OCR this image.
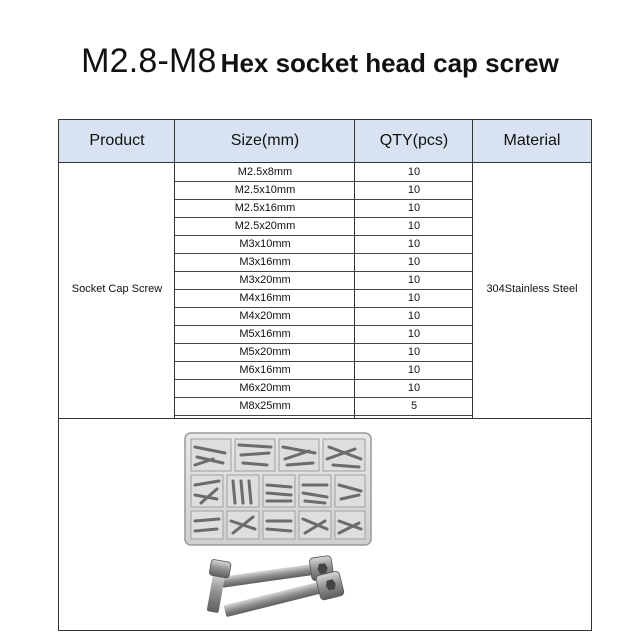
M2.8-M8 Hex socket head cap screw
Product	Size(mm)	QTY(pcs)	Material
Socket Cap Screw	304Stainless Steel
M2.5x8mm	10
M2.5x10mm	10
M2.5x16mm	10
M2.5x20mm	10
M3x10mm	10
M3x16mm	10
M3x20mm	10
M4x16mm	10
M4x20mm	10
M5x16mm	10
M5x20mm	10
M6x16mm	10
M6x20mm	10
M8x25mm	5
